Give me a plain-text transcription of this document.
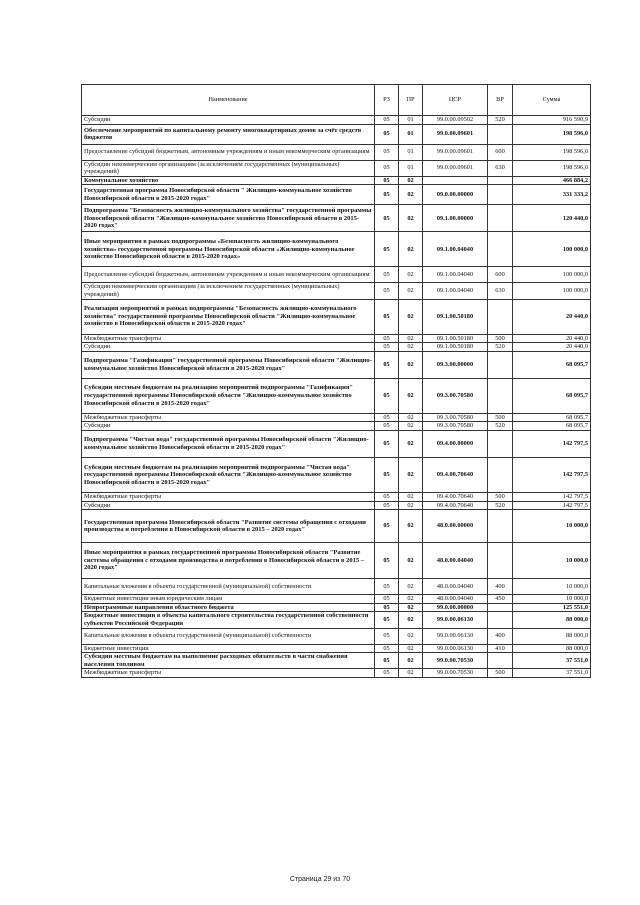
Наименование	РЗ	ПР	ЦСР	ВР	Сумма
Субсидии	05	01	99.0.00.09502	520	916 590,9
Обеспечение мероприятий по капитальному ремонту многоквартирных домов за счёт средств бюджетов	05	01	99.0.00.09601		198 596,0
Предоставление субсидий бюджетным, автономным учреждениям и иным некоммерческим организациям	05	01	99.0.00.09601	600	198 596,0
Субсидии некоммерческим организациям (за исключением государственных (муниципальных) учреждений)	05	01	99.0.00.09601	630	198 596,0
Коммунальное хозяйство	05	02			466 884,2
Государственная программа Новосибирской области " Жилищно-коммунальное хозяйство Новосибирской области в 2015-2020 годах"	05	02	09.0.00.00000		331 333,2
Подпрограмма "Безопасность жилищно-коммунального хозяйства" государственной программы Новосибирской области "Жилищно-коммунальное хозяйство Новосибирской области в 2015-2020 годах"	05	02	09.1.00.00000		120 440,0
Иные мероприятия в рамках подпрограммы «Безопасность жилищно-коммунального хозяйства» государственной программы Новосибирской области «Жилищно-коммунальное хозяйство Новосибирской области в 2015-2020 годах»	05	02	09.1.00.04040		100 000,0
Предоставление субсидий бюджетным, автономным учреждениям и иным некоммерческим организациям	05	02	09.1.00.04040	600	100 000,0
Субсидии некоммерческим организациям (за исключением государственных (муниципальных) учреждений)	05	02	09.1.00.04040	630	100 000,0
Реализация мероприятий в рамках подпрограммы "Безопасность жилищно-коммунального хозяйства" государственной программы Новосибирской области "Жилищно-коммунальное хозяйство в Новосибирской области в 2015-2020 годах"	05	02	09.1.00.50180		20 440,0
Межбюджетные трансферты	05	02	09.1.00.50180	500	20 440,0
Субсидии	05	02	09.1.00.50180	520	20 440,0
Подпрограмма "Газификация" государственной программы Новосибирской области "Жилищно-коммунальное хозяйство Новосибирской области в 2015-2020 годах"	05	02	09.3.00.00000		68 095,7
Субсидии местным бюджетам на реализацию мероприятий подпрограммы "Газификация" государственной программы Новосибирской области "Жилищно-коммунальное хозяйство Новосибирской области в 2015-2020 годах"	05	02	09.3.00.70580		68 095,7
Межбюджетные трансферты	05	02	09.3.00.70580	500	68 095,7
Субсидии	05	02	09.3.00.70580	520	68 095,7
Подпрограмма "Чистая вода" государственной программы Новосибирской области "Жилищно-коммунальное хозяйство Новосибирской области в 2015-2020 годах"	05	02	09.4.00.00000		142 797,5
Субсидии местным бюджетам на реализацию мероприятий подпрограммы "Чистая вода" государственной программы Новосибирской области "Жилищно-коммунальное хозяйство Новосибирской области в 2015-2020 годах"	05	02	09.4.00.70640		142 797,5
Межбюджетные трансферты	05	02	09.4.00.70640	500	142 797,5
Субсидии	05	02	09.4.00.70640	520	142 797,5
Государственная программа Новосибирской области "Развитие системы обращения с отходами производства и потребления в Новосибирской области в 2015 – 2020 годах"	05	02	48.0.00.00000		10 000,0
Иные мероприятия в рамках государственной программы Новосибирской области "Развитие системы обращения с отходами производства и потребления в Новосибирской области в 2015 – 2020 годах"	05	02	48.0.00.04040		10 000,0
Капитальные вложения в объекты государственной (муниципальной) собственности	05	02	48.0.00.04040	400	10 000,0
Бюджетные инвестиции иным юридическим лицам	05	02	48.0.00.04040	450	10 000,0
Непрограммные направления областного бюджета	05	02	99.0.00.00000		125 551,0
Бюджетные инвестиции в объекты капитального строительства государственной собственности субъектов Российской Федерации	05	02	99.0.00.06130		88 000,0
Капитальные вложения в объекты государственной (муниципальной) собственности	05	02	99.0.00.06130	400	88 000,0
Бюджетные инвестиции	05	02	99.0.00.06130	410	88 000,0
Субсидии местным бюджетам на выполнение расходных обязательств в части снабжения населения топливом	05	02	99.0.00.70530		37 551,0
Межбюджетные трансферты	05	02	99.0.00.70530	500	37 551,0
Страница 29 из 70
